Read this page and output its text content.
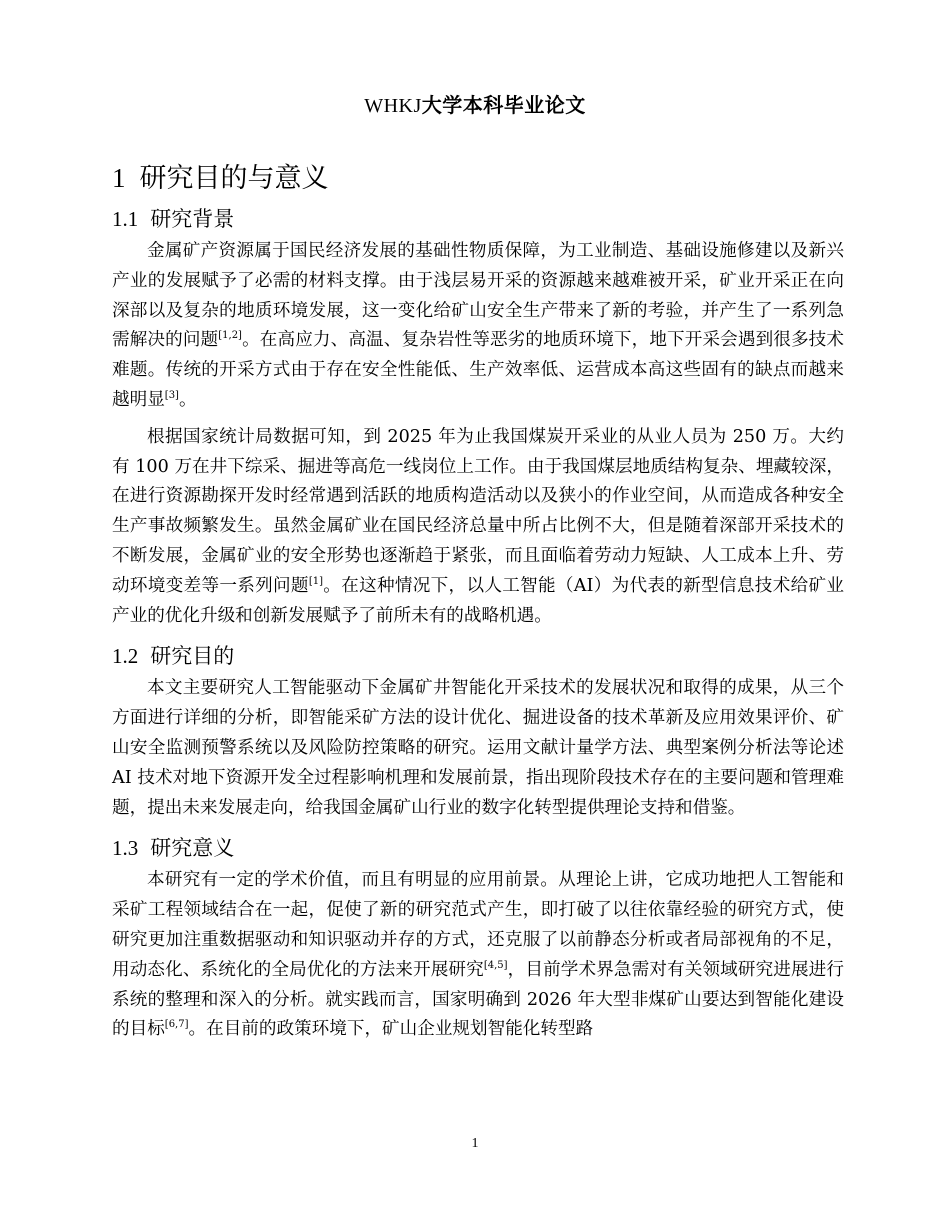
WHKJ大学本科毕业论文
1 研究目的与意义
1.1 研究背景

金属矿产资源属于国民经济发展的基础性物质保障，为工业制造、基础设施修建以及新兴产业的发展赋予了必需的材料支撑。由于浅层易开采的资源越来越难被开采，矿业开采正在向深部以及复杂的地质环境发展，这一变化给矿山安全生产带来了新的考验，并产生了一系列急需解决的问题[1,2]。在高应力、高温、复杂岩性等恶劣的地质环境下，地下开采会遇到很多技术难题。传统的开采方式由于存在安全性能低、生产效率低、运营成本高这些固有的缺点而越来越明显[3]。

根据国家统计局数据可知，到 2025 年为止我国煤炭开采业的从业人员为 250 万。大约有 100 万在井下综采、掘进等高危一线岗位上工作。由于我国煤层地质结构复杂、埋藏较深，在进行资源勘探开发时经常遇到活跃的地质构造活动以及狭小的作业空间，从而造成各种安全生产事故频繁发生。虽然金属矿业在国民经济总量中所占比例不大，但是随着深部开采技术的不断发展，金属矿业的安全形势也逐渐趋于紧张，而且面临着劳动力短缺、人工成本上升、劳动环境变差等一系列问题[1]。在这种情况下，以人工智能（AI）为代表的新型信息技术给矿业产业的优化升级和创新发展赋予了前所未有的战略机遇。

1.2 研究目的

本文主要研究人工智能驱动下金属矿井智能化开采技术的发展状况和取得的成果，从三个方面进行详细的分析，即智能采矿方法的设计优化、掘进设备的技术革新及应用效果评价、矿山安全监测预警系统以及风险防控策略的研究。运用文献计量学方法、典型案例分析法等论述 AI 技术对地下资源开发全过程影响机理和发展前景，指出现阶段技术存在的主要问题和管理难题，提出未来发展走向，给我国金属矿山行业的数字化转型提供理论支持和借鉴。

1.3 研究意义

本研究有一定的学术价值，而且有明显的应用前景。从理论上讲，它成功地把人工智能和采矿工程领域结合在一起，促使了新的研究范式产生，即打破了以往依靠经验的研究方式，使研究更加注重数据驱动和知识驱动并存的方式，还克服了以前静态分析或者局部视角的不足，用动态化、系统化的全局优化的方法来开展研究[4,5]，目前学术界急需对有关领域研究进展进行系统的整理和深入的分析。就实践而言，国家明确到 2026 年大型非煤矿山要达到智能化建设的目标[6,7]。在目前的政策环境下，矿山企业规划智能化转型路

1
